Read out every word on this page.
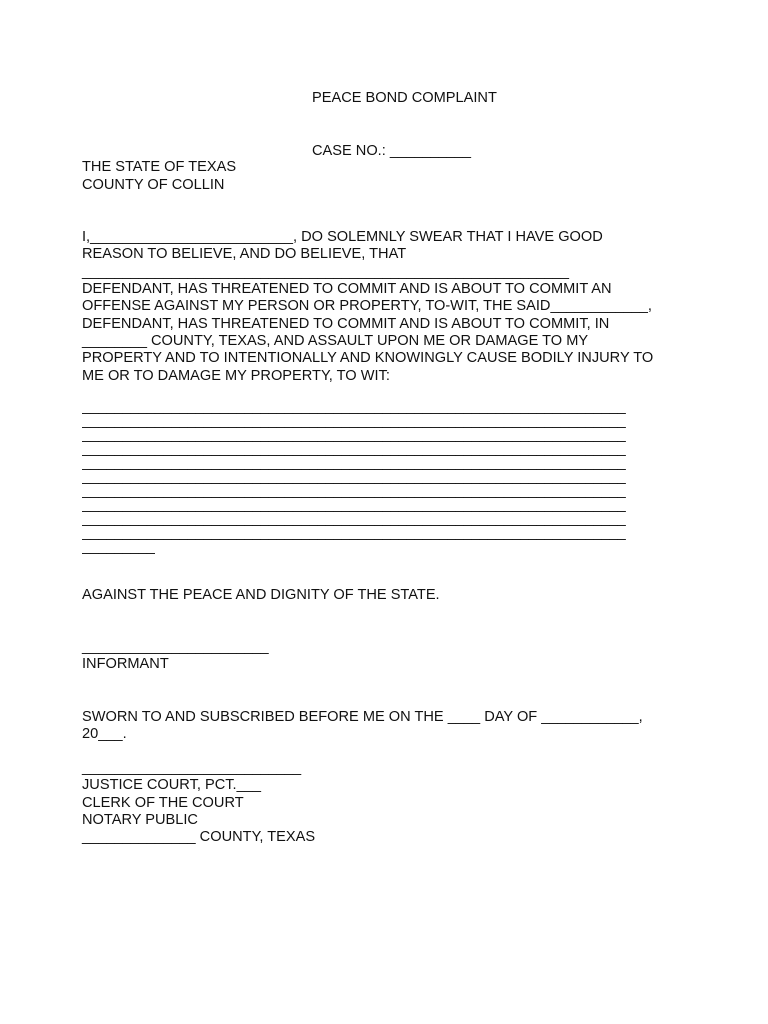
PEACE BOND COMPLAINT

CASE NO.: __________

THE STATE OF TEXAS

COUNTY OF COLLIN

I,_________________________, DO SOLEMNLY SWEAR THAT I HAVE GOOD

REASON TO BELIEVE, AND DO BELIEVE, THAT

____________________________________________________________

DEFENDANT, HAS THREATENED TO COMMIT AND IS ABOUT TO COMMIT AN

OFFENSE AGAINST MY PERSON OR PROPERTY, TO-WIT, THE SAID____________,

DEFENDANT, HAS THREATENED TO COMMIT AND IS ABOUT TO COMMIT, IN

________ COUNTY, TEXAS, AND ASSAULT UPON ME OR DAMAGE TO MY

PROPERTY AND TO INTENTIONALLY AND KNOWINGLY CAUSE BODILY INJURY TO

ME OR TO DAMAGE MY PROPERTY, TO WIT:

___________________________________________________________________

___________________________________________________________________

___________________________________________________________________

___________________________________________________________________

___________________________________________________________________

___________________________________________________________________

___________________________________________________________________

___________________________________________________________________

___________________________________________________________________

___________________________________________________________________

_________

AGAINST THE PEACE AND DIGNITY OF THE STATE.

_______________________

INFORMANT

SWORN TO AND SUBSCRIBED BEFORE ME ON THE ____ DAY OF ____________,

20___.

___________________________

JUSTICE COURT, PCT.___

CLERK OF THE COURT

NOTARY PUBLIC

______________ COUNTY, TEXAS
